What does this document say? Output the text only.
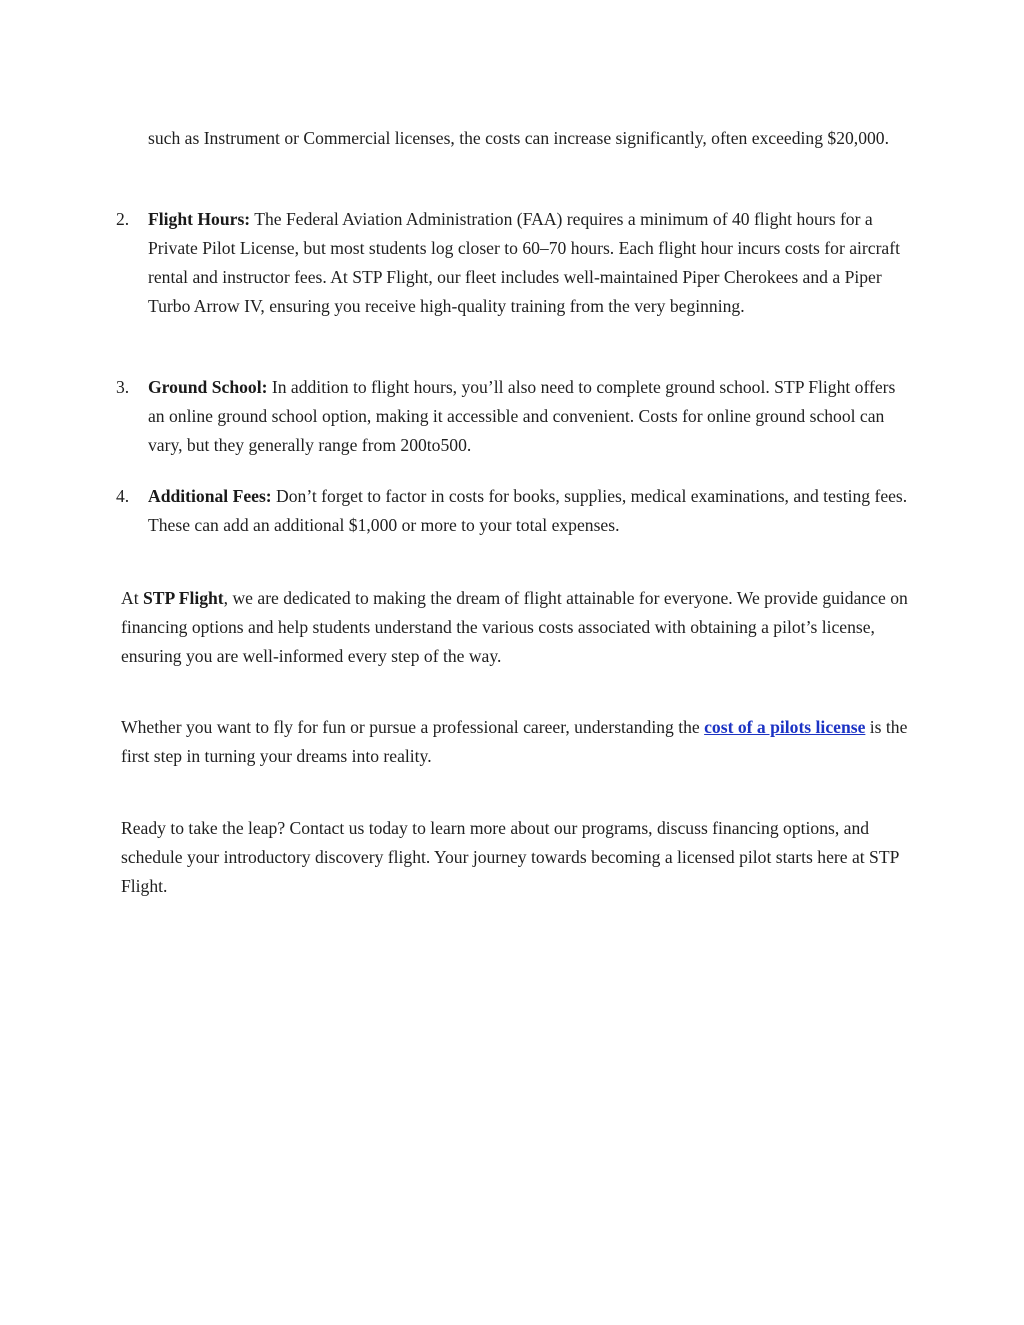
such as Instrument or Commercial licenses, the costs can increase significantly, often exceeding $20,000.

2.	Flight Hours: The Federal Aviation Administration (FAA) requires a minimum of 40 flight hours for a Private Pilot License, but most students log closer to 60–70 hours. Each flight hour incurs costs for aircraft rental and instructor fees. At STP Flight, our fleet includes well-maintained Piper Cherokees and a Piper Turbo Arrow IV, ensuring you receive high-quality training from the very beginning.

3.	Ground School: In addition to flight hours, you’ll also need to complete ground school. STP Flight offers an online ground school option, making it accessible and convenient. Costs for online ground school can vary, but they generally range from 200to500.

4.	Additional Fees: Don’t forget to factor in costs for books, supplies, medical examinations, and testing fees. These can add an additional $1,000 or more to your total expenses.

At STP Flight, we are dedicated to making the dream of flight attainable for everyone. We provide guidance on financing options and help students understand the various costs associated with obtaining a pilot’s license, ensuring you are well-informed every step of the way.

Whether you want to fly for fun or pursue a professional career, understanding the cost of a pilots license is the first step in turning your dreams into reality.

Ready to take the leap? Contact us today to learn more about our programs, discuss financing options, and schedule your introductory discovery flight. Your journey towards becoming a licensed pilot starts here at STP Flight.
